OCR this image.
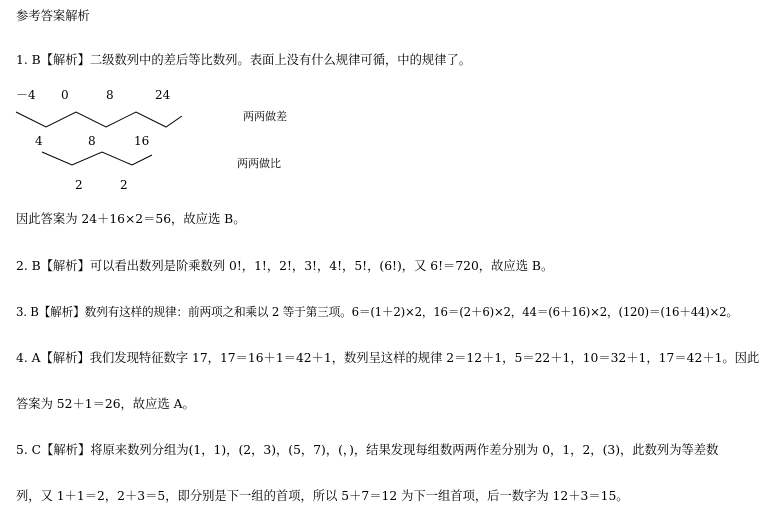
参考答案解析
1. B【解析】二级数列中的差后等比数列。表面上没有什么规律可循，中的规律了。
－4 0	8	24
4	8	16
2	2
两两做差
两两做比
因此答案为 24＋16×2＝56，故应选 B。
2. B【解析】可以看出数列是阶乘数列 0!，1!，2!，3!，4!，5!，(6!)，又 6!＝720，故应选 B。
3. B【解析】数列有这样的规律：前两项之和乘以 2 等于第三项。6＝(1＋2)×2，16＝(2＋6)×2，44＝(6＋16)×2，(120)＝(16＋44)×2。
4. A【解析】我们发现特征数字 17，17＝16＋1＝42＋1，数列呈这样的规律 2＝12＋1，5＝22＋1，10＝32＋1，17＝42＋1。因此
答案为 52＋1＝26，故应选 A。
5. C【解析】将原来数列分组为(1，1)，(2，3)，(5，7)，(，)，结果发现每组数两两作差分别为 0，1，2，(3)，此数列为等差数
列，又 1＋1＝2，2＋3＝5，即分别是下一组的首项，所以 5＋7＝12 为下一组首项，后一数字为 12＋3＝15。
